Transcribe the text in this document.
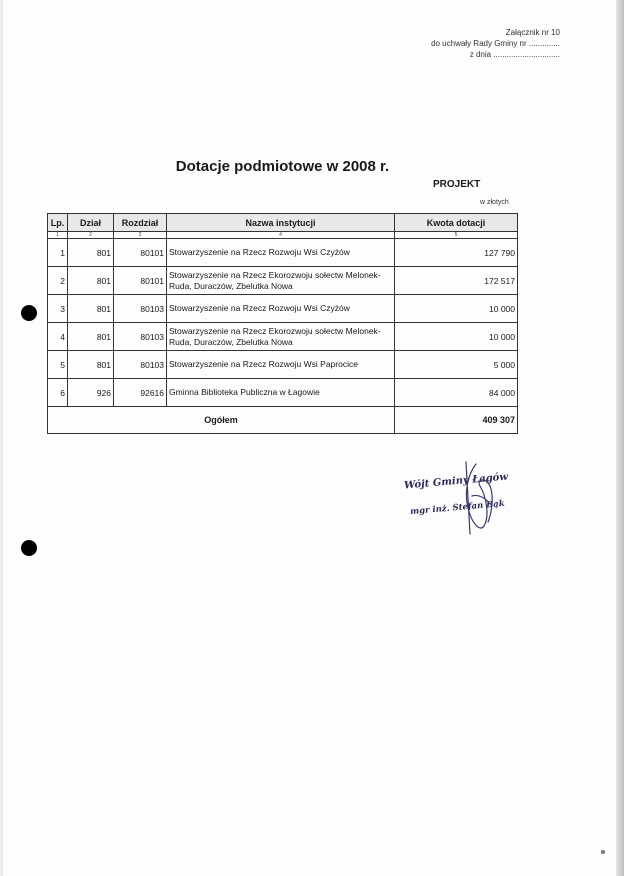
Załącznik nr 10
do uchwały Rady Gminy nr ..............
z dnia ..............................
Dotacje podmiotowe w 2008 r.
PROJEKT
w złotych
Lp.	Dział	Rozdział	Nazwa instytucji	Kwota dotacji
1	2	3	4	5
1	801	80101	Stowarzyszenie na Rzecz Rozwoju Wsi Czyżów	127 790
2	801	80101	Stowarzyszenie na Rzecz Ekorozwoju sołectw Melonek-Ruda, Duraczów, Zbelutka Nowa	172 517
3	801	80103	Stowarzyszenie na Rzecz Rozwoju Wsi Czyżów	10 000
4	801	80103	Stowarzyszenie na Rzecz Ekorozwoju sołectw Melonek-Ruda, Duraczów, Zbelutka Nowa	10 000
5	801	80103	Stowarzyszenie na Rzecz Rozwoju Wsi Paprocice	5 000
6	926	92616	Gminna Biblioteka Publiczna w Łagowie	84 000
Ogółem				409 307
Wójt Gminy Łagów
mgr inż. Stefan Bąk
